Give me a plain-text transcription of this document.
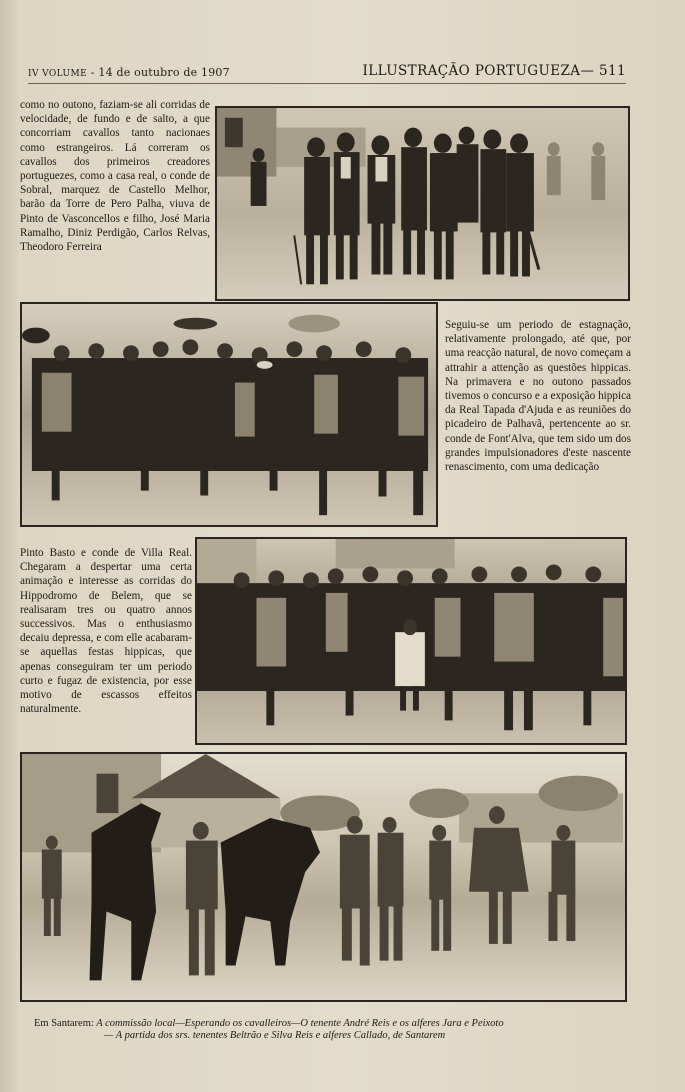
IV VOLUME - 14 de outubro de 1907	ILLUSTRAÇÃO PORTUGUEZA— 511
como no outono, faziam-se ali corridas de velocidade, de fundo e de salto, a que concorriam cavallos tanto nacionaes como estrangeiros. Lá correram os cavallos dos primeiros creadores portuguezes, como a casa real, o conde de Sobral, marquez de Castello Melhor, barão da Torre de Pero Palha, viuva de Pinto de Vasconcellos e filho, José Maria Ramalho, Diniz Perdigão, Carlos Relvas, Theodoro Ferreira
Seguiu-se um periodo de estagnação, relativamente prolongado, até que, por uma reacção natural, de novo começam a attrahir a attenção as questões hippicas. Na primavera e no outono passados tivemos o concurso e a exposição hippica da Real Tapada d'Ajuda e as reuniões do picadeiro de Palhavã, pertencente ao sr. conde de Font'Alva, que tem sido um dos grandes impulsionadores d'este nascente renascimento, com uma dedicação
Pinto Basto e conde de Villa Real. Chegaram a despertar uma certa animação e interesse as corridas do Hippodromo de Belem, que se realisaram tres ou quatro annos successivos. Mas o enthusiasmo decaiu depressa, e com elle acabaram-se aquellas festas hippicas, que apenas conseguiram ter um periodo curto e fugaz de existencia, por esse motivo de escassos effeitos naturalmente.
Em Santarem: A commissão local—Esperando os cavalleiros—O tenente André Reis e os alferes Jara e Peixoto
— A partida dos srs. tenentes Beltrão e Silva Reis e alferes Callado, de Santarem
